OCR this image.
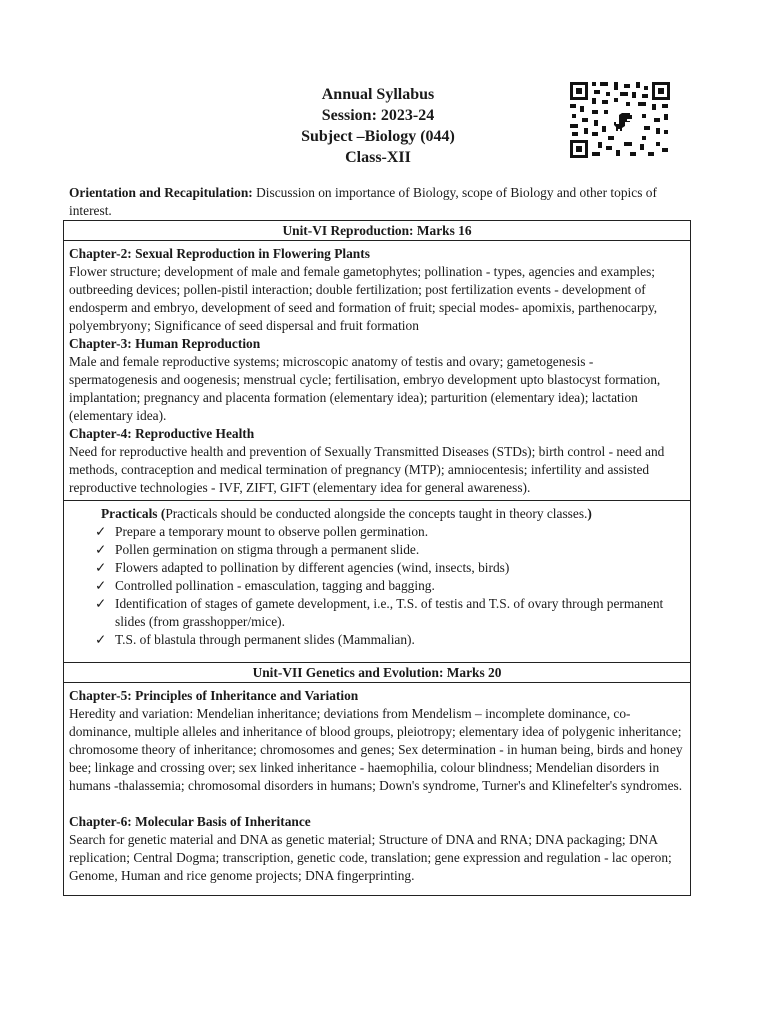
Annual Syllabus
Session: 2023-24
Subject –Biology (044)
Class-XII
Orientation and Recapitulation: Discussion on importance of Biology, scope of Biology and other topics of interest.
Unit-VI Reproduction: Marks 16
Chapter-2: Sexual Reproduction in Flowering Plants
Flower structure; development of male and female gametophytes; pollination - types, agencies and examples; outbreeding devices; pollen-pistil interaction; double fertilization; post fertilization events - development of endosperm and embryo, development of seed and formation of fruit; special modes- apomixis, parthenocarpy, polyembryony; Significance of seed dispersal and fruit formation
Chapter-3: Human Reproduction
Male and female reproductive systems; microscopic anatomy of testis and ovary; gametogenesis - spermatogenesis and oogenesis; menstrual cycle; fertilisation, embryo development upto blastocyst formation, implantation; pregnancy and placenta formation (elementary idea); parturition (elementary idea); lactation (elementary idea).
Chapter-4: Reproductive Health
Need for reproductive health and prevention of Sexually Transmitted Diseases (STDs); birth control - need and methods, contraception and medical termination of pregnancy (MTP); amniocentesis; infertility and assisted reproductive technologies - IVF, ZIFT, GIFT (elementary idea for general awareness).
Practicals (Practicals should be conducted alongside the concepts taught in theory classes.)
✓ Prepare a temporary mount to observe pollen germination.
✓ Pollen germination on stigma through a permanent slide.
✓ Flowers adapted to pollination by different agencies (wind, insects, birds)
✓ Controlled pollination - emasculation, tagging and bagging.
✓ Identification of stages of gamete development, i.e., T.S. of testis and T.S. of ovary through permanent slides (from grasshopper/mice).
✓ T.S. of blastula through permanent slides (Mammalian).
Unit-VII Genetics and Evolution: Marks 20
Chapter-5: Principles of Inheritance and Variation
Heredity and variation: Mendelian inheritance; deviations from Mendelism – incomplete dominance, co-dominance, multiple alleles and inheritance of blood groups, pleiotropy; elementary idea of polygenic inheritance; chromosome theory of inheritance; chromosomes and genes; Sex determination - in human being, birds and honey bee; linkage and crossing over; sex linked inheritance - haemophilia, colour blindness; Mendelian disorders in humans -thalassemia; chromosomal disorders in humans; Down's syndrome, Turner's and Klinefelter's syndromes.
Chapter-6: Molecular Basis of Inheritance
Search for genetic material and DNA as genetic material; Structure of DNA and RNA; DNA packaging; DNA replication; Central Dogma; transcription, genetic code, translation; gene expression and regulation - lac operon; Genome, Human and rice genome projects; DNA fingerprinting.
